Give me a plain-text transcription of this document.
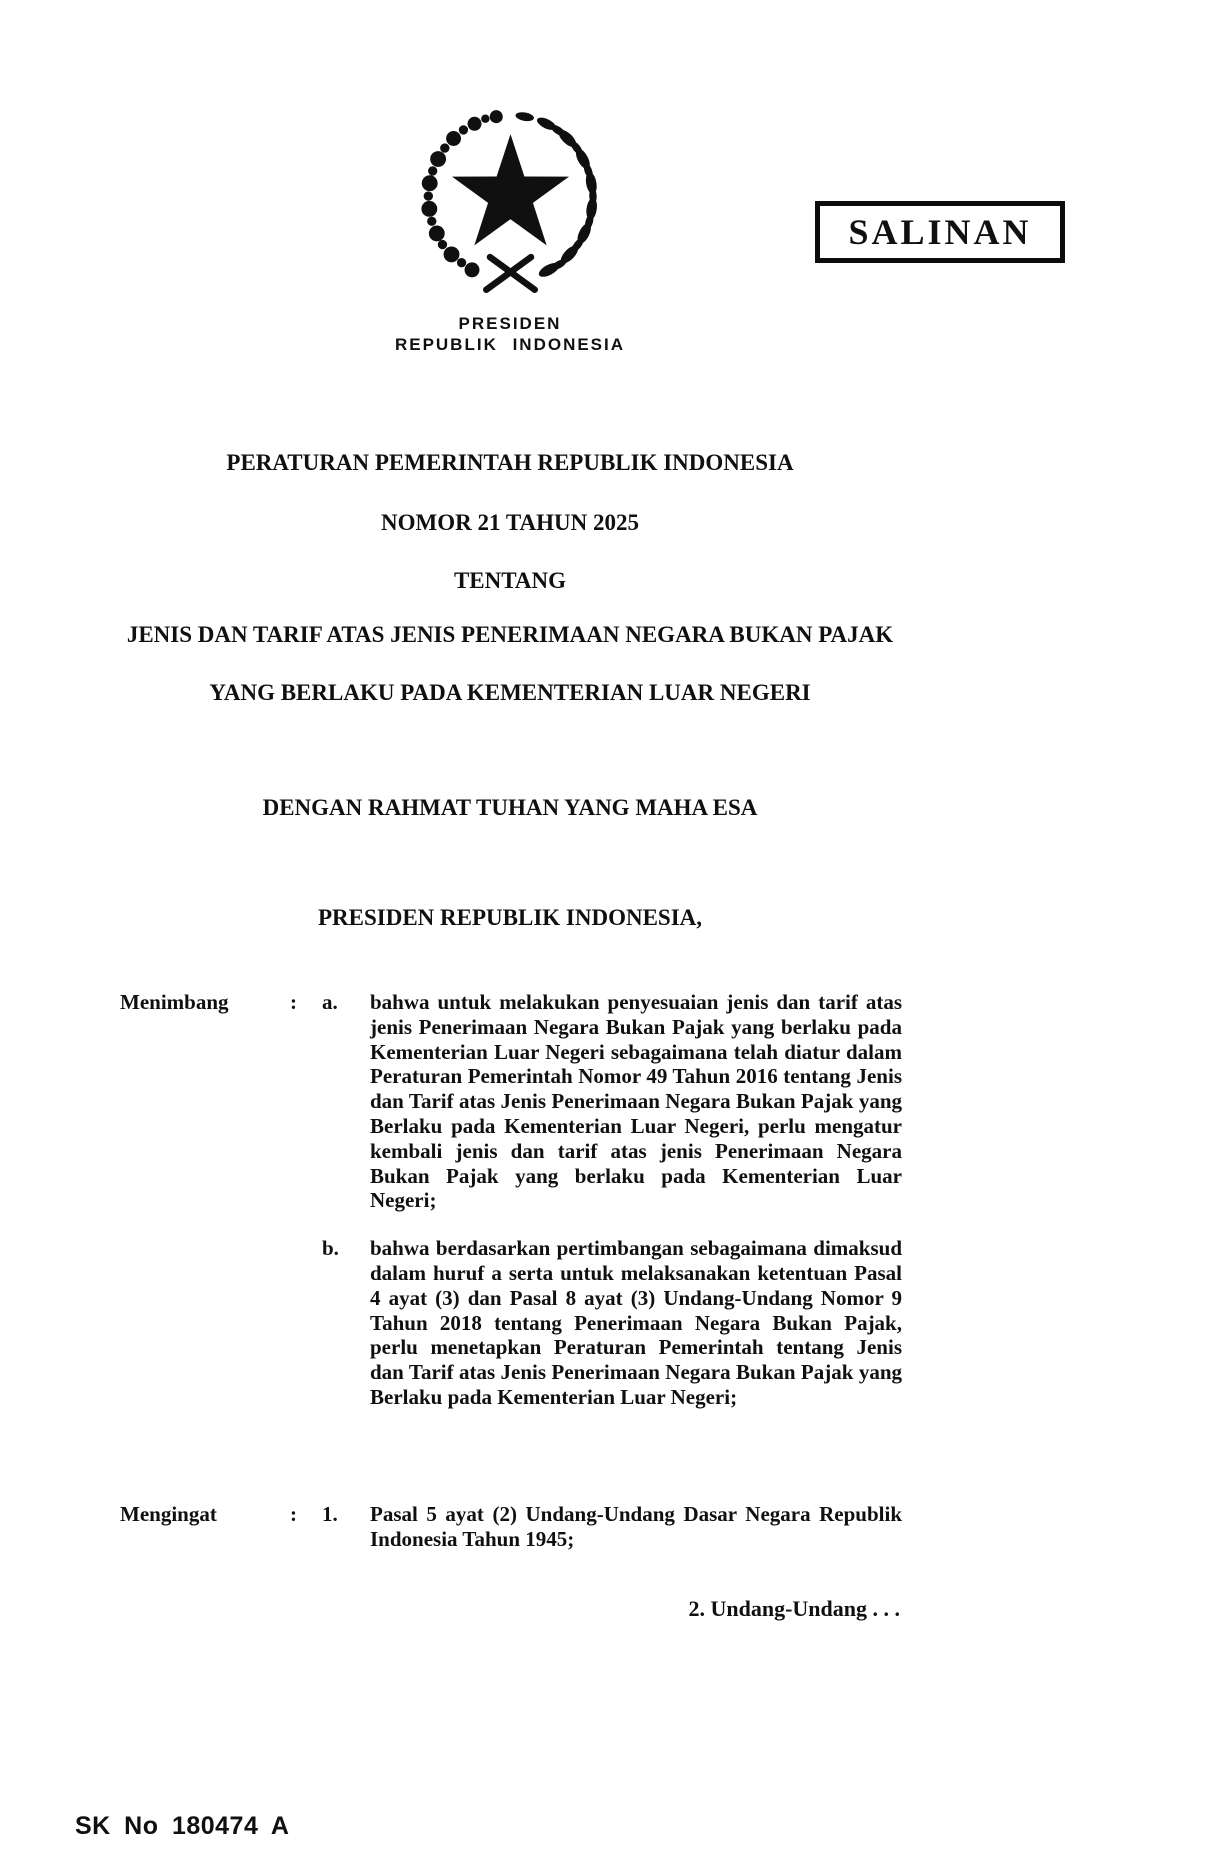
PRESIDEN
REPUBLIK INDONESIA
SALINAN
PERATURAN PEMERINTAH REPUBLIK INDONESIA
NOMOR 21 TAHUN 2025
TENTANG
JENIS DAN TARIF ATAS JENIS PENERIMAAN NEGARA BUKAN PAJAK
YANG BERLAKU PADA KEMENTERIAN LUAR NEGERI
DENGAN RAHMAT TUHAN YANG MAHA ESA
PRESIDEN REPUBLIK INDONESIA,
Menimbang	:	a.	bahwa untuk melakukan penyesuaian jenis dan tarif atas jenis Penerimaan Negara Bukan Pajak yang berlaku pada Kementerian Luar Negeri sebagaimana telah diatur dalam Peraturan Pemerintah Nomor 49 Tahun 2016 tentang Jenis dan Tarif atas Jenis Penerimaan Negara Bukan Pajak yang Berlaku pada Kementerian Luar Negeri, perlu mengatur kembali jenis dan tarif atas jenis Penerimaan Negara Bukan Pajak yang berlaku pada Kementerian Luar Negeri;
b.	bahwa berdasarkan pertimbangan sebagaimana dimaksud dalam huruf a serta untuk melaksanakan ketentuan Pasal 4 ayat (3) dan Pasal 8 ayat (3) Undang-Undang Nomor 9 Tahun 2018 tentang Penerimaan Negara Bukan Pajak, perlu menetapkan Peraturan Pemerintah tentang Jenis dan Tarif atas Jenis Penerimaan Negara Bukan Pajak yang Berlaku pada Kementerian Luar Negeri;
Mengingat	:	1.	Pasal 5 ayat (2) Undang-Undang Dasar Negara Republik Indonesia Tahun 1945;
2. Undang-Undang . . .
SK No 180474 A
